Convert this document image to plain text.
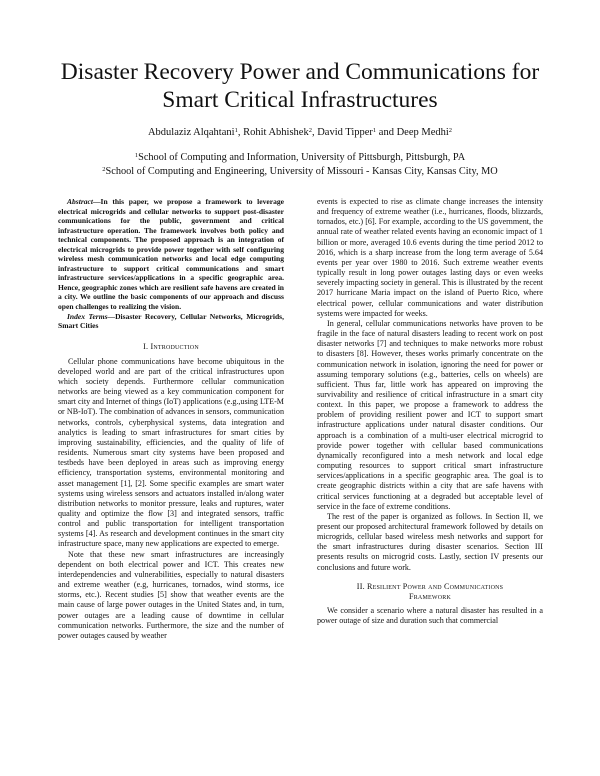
Disaster Recovery Power and Communications for Smart Critical Infrastructures
Abdulaziz Alqahtani$^1$, Rohit Abhishek$^2$, David Tipper$^1$ and Deep Medhi$^2$
$^1$School of Computing and Information, University of Pittsburgh, Pittsburgh, PA
$^2$School of Computing and Engineering, University of Missouri - Kansas City, Kansas City, MO

Abstract—In this paper, we propose a framework to leverage electrical microgrids and cellular networks to support post-disaster communications for the public, government and critical infrastructure operation. The framework involves both policy and technical components. The proposed approach is an integration of electrical microgrids to provide power together with self configuring wireless mesh communication networks and local edge computing infrastructure to support critical communications and smart infrastructure services/applications in a specific geographic area. Hence, geographic zones which are resilient safe havens are created in a city. We outline the basic components of our approach and discuss open challenges to realizing the vision.

Index Terms—Disaster Recovery, Cellular Networks, Microgrids, Smart Cities

I. Introduction

Cellular phone communications have become ubiquitous in the developed world and are part of the critical infrastructures upon which society depends. Furthermore cellular communication networks are being viewed as a key communication component for smart city and Internet of things (IoT) applications (e.g.,using LTE-M or NB-IoT). The combination of advances in sensors, communication networks, controls, cyberphysical systems, data integration and analytics is leading to smart infrastructures for smart cities by improving sustainability, efficiencies, and the quality of life of residents. Numerous smart city systems have been proposed and testbeds have been deployed in areas such as improving energy efficiency, transportation systems, environmental monitoring and asset management [1], [2]. Some specific examples are smart water systems using wireless sensors and actuators installed in/along water distribution networks to monitor pressure, leaks and ruptures, water quality and optimize the flow [3] and integrated sensors, traffic control and public transportation for intelligent transportation systems [4]. As research and development continues in the smart city infrastructure space, many new applications are expected to emerge.

Note that these new smart infrastructures are increasingly dependent on both electrical power and ICT. This creates new interdependencies and vulnerabilities, especially to natural disasters and extreme weather (e.g, hurricanes, tornados, wind storms, ice storms, etc.). Recent studies [5] show that weather events are the main cause of large power outages in the United States and, in turn, power outages are a leading cause of downtime in cellular communication networks. Furthermore, the size and the number of power outages caused by weather

events is expected to rise as climate change increases the intensity and frequency of extreme weather (i.e., hurricanes, floods, blizzards, tornados, etc.) [6]. For example, according to the US government, the annual rate of weather related events having an economic impact of 1 billion or more, averaged 10.6 events during the time period 2012 to 2016, which is a sharp increase from the long term average of 5.64 events per year over 1980 to 2016. Such extreme weather events typically result in long power outages lasting days or even weeks severely impacting society in general. This is illustrated by the recent 2017 hurricane Maria impact on the island of Puerto Rico, where electrical power, cellular communications and water distribution systems were impacted for weeks.

In general, cellular communications networks have proven to be fragile in the face of natural disasters leading to recent work on post disaster networks [7] and techniques to make networks more robust to disasters [8]. However, theses works primarly concentrate on the communication network in isolation, ignoring the need for power or assuming temporary solutions (e.g., batteries, cells on wheels) are sufficient. Thus far, little work has appeared on improving the survivability and resilience of critical infrastructure in a smart city context. In this paper, we propose a framework to address the problem of providing resilient power and ICT to support smart infrastructure applications under natural disaster conditions. Our approach is a combination of a multi-user electrical microgrid to provide power together with cellular based communications dynamically reconfigured into a mesh network and local edge computing resources to support critical smart infrastructure services/applications in a specific geographic area. The goal is to create geographic districts within a city that are safe havens with critical services functioning at a degraded but acceptable level of service in the face of extreme conditions.

The rest of the paper is organized as follows. In Section II, we present our proposed architectural framework followed by details on microgrids, cellular based wireless mesh networks and support for the smart infrastructures during disaster scenarios. Section III presents results on microgrid costs. Lastly, section IV presents our conclusions and future work.

II. Resilient Power and Communications
Framework

We consider a scenario where a natural disaster has resulted in a power outage of size and duration such that commercial
